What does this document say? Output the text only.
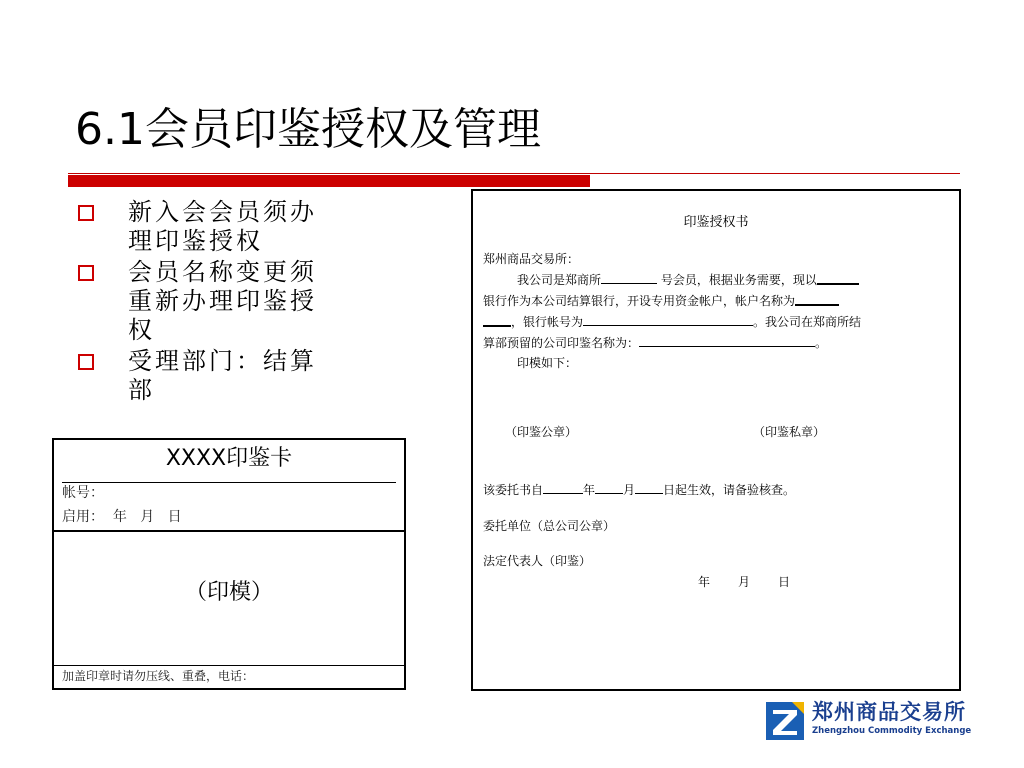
6.1会员印鉴授权及管理
新入会会员须办
理印鉴授权
会员名称变更须
重新办理印鉴授
权
受理部门：结算
部
XXXX印鉴卡
帐号：
启用：  年   月   日
（印模）
加盖印章时请勿压线、重叠，电话：
印鉴授权书
郑州商品交易所：
我公司是郑商所	号会员，根据业务需要，现以
银行作为本公司结算银行，开设专用资金帐户，帐户名称为
，银行帐号为	。我公司在郑商所结
算部预留的公司印鉴名称为：	。
印模如下：
（印鉴公章）	（印鉴私章）
该委托书自	年 月 日起生效，请备验核查。
委托单位（总公司公章）
法定代表人（印鉴）
年 月 日
郑州商品交易所
Zhengzhou Commodity Exchange
